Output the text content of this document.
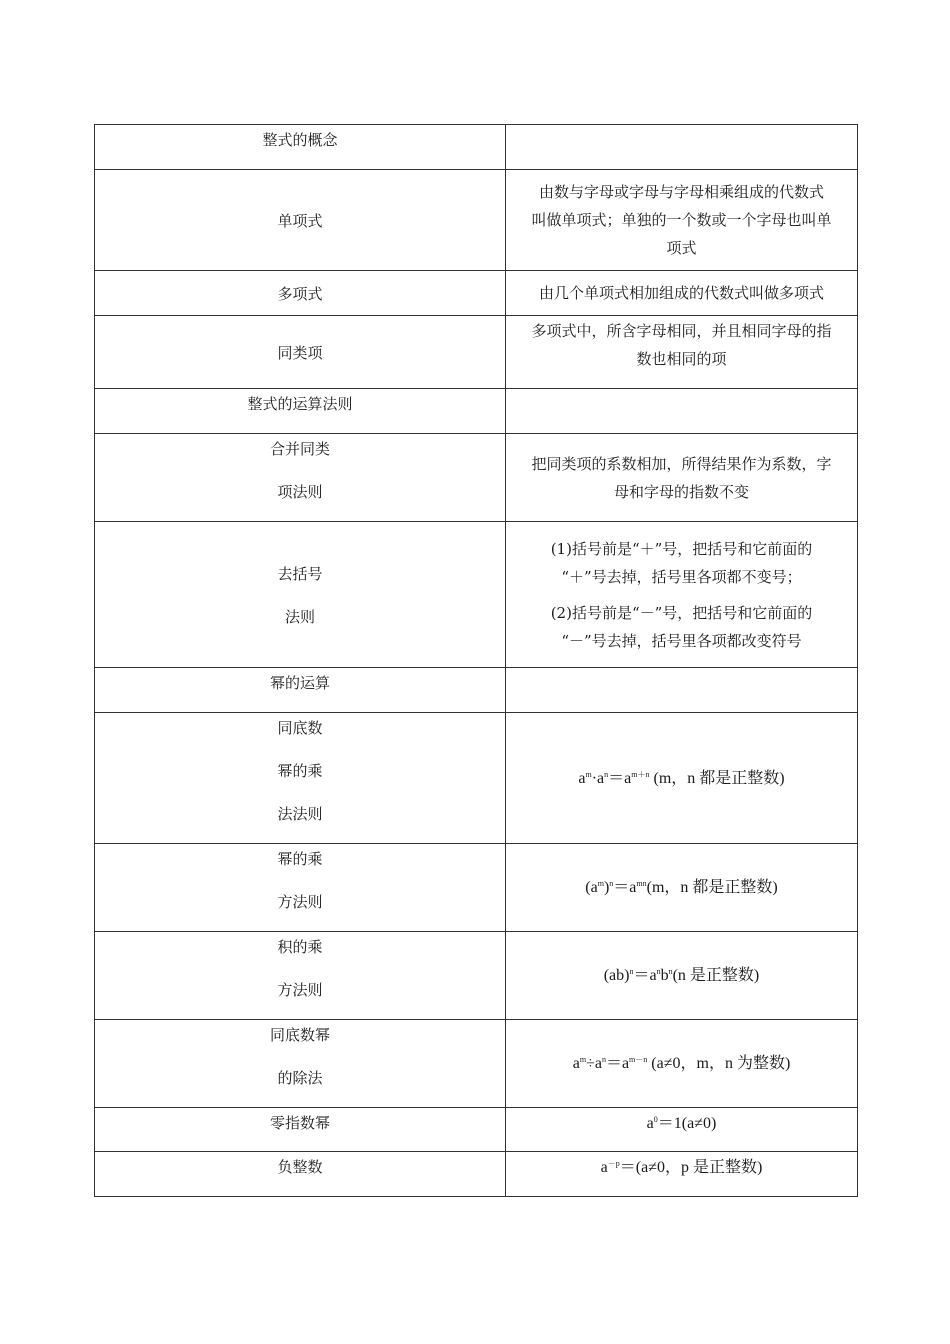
整式的概念	

单项式	由数与字母或字母与字母相乘组成的代数式
叫做单项式；单独的一个数或一个字母也叫单
项式

多项式	由几个单项式相加组成的代数式叫做多项式

同类项	多项式中，所含字母相同，并且相同字母的指
数也相同的项

整式的运算法则	

合并同类
项法则	把同类项的系数相加，所得结果作为系数，字
母和字母的指数不变

去括号
法则	(1)括号前是“＋”号，把括号和它前面的
“＋”号去掉，括号里各项都不变号；
(2)括号前是“－”号，把括号和它前面的
“－”号去掉，括号里各项都改变符号

幂的运算	

同底数
幂的乘
法法则	$a^m\cdot a^n=a^{m+n}$ (m，n 都是正整数)

幂的乘
方法则	$(a^m)^n=a^{mn}(m$，n 都是正整数)

积的乘
方法则	$(ab)^n=a^nb^n(n$ 是正整数)

同底数幂
的除法	$a^m\div a^n=a^{m-n}$ (a≠0，m，n 为整数)

零指数幂	$a^0=1(a\ne 0)$

负整数	$a^{-p}=(a\ne 0$，p 是正整数)
